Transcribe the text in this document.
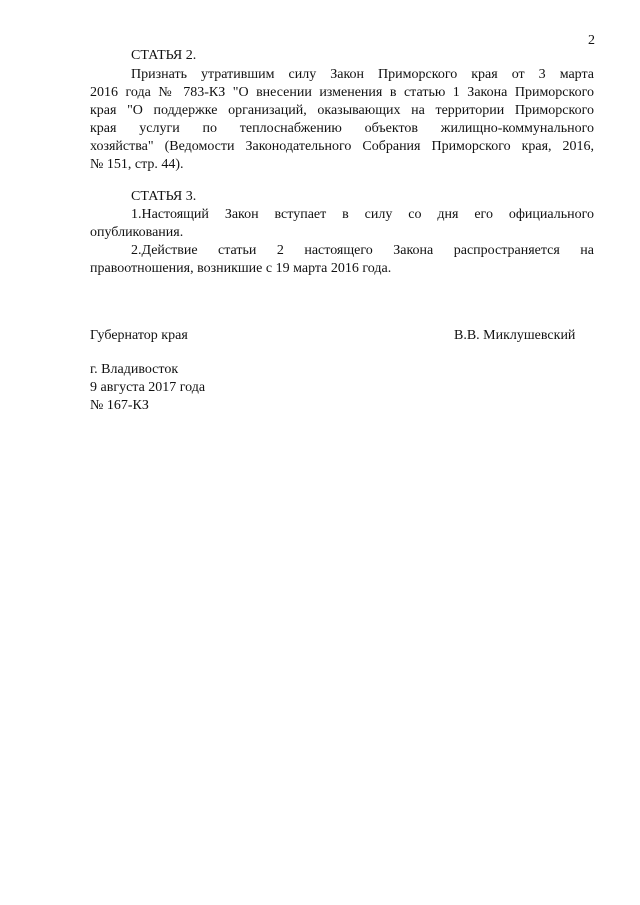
2
СТАТЬЯ 2.
Признать утратившим силу Закон Приморского края от 3 марта
2016 года № 783-КЗ "О внесении изменения в статью 1 Закона Приморского
края "О поддержке организаций, оказывающих на территории Приморского
края услуги по теплоснабжению объектов жилищно-коммунального
хозяйства" (Ведомости Законодательного Собрания Приморского края, 2016,
№ 151, стр. 44).
СТАТЬЯ 3.
1.Настоящий Закон вступает в силу со дня его официального
опубликования.
2.Действие статьи 2 настоящего Закона распространяется на
правоотношения, возникшие с 19 марта 2016 года.
Губернатор края	В.В. Миклушевский
г. Владивосток
9 августа 2017 года
№ 167-КЗ
